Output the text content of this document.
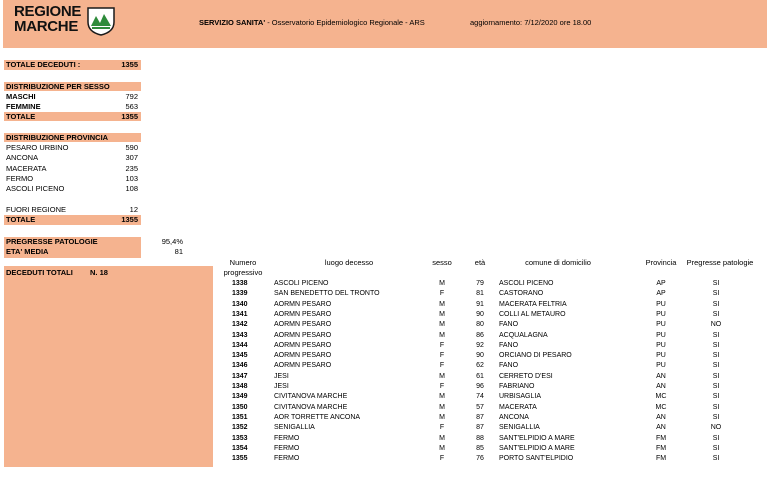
REGIONE
MARCHE	SERVIZIO SANITA' - Osservatorio Epidemiologico Regionale - ARS	aggiornamento: 7/12/2020 ore 18.00
TOTALE DECEDUTI :	1355
DISTRIBUZIONE PER SESSO
MASCHI	792
FEMMINE	563
TOTALE	1355
DISTRIBUZIONE PROVINCIA
PESARO URBINO	590
ANCONA	307
MACERATA	235
FERMO	103
ASCOLI PICENO	108
FUORI REGIONE	12
TOTALE	1355
PREGRESSE PATOLOGIE	95,4%
ETA' MEDIA	81
DECEDUTI TOTALI N. 18
Numero
progressivo
luogo decesso	sesso	età	comune di domicilio	Provincia	Pregresse patologie
1338	ASCOLI PICENO	M	79	ASCOLI PICENO	AP	SI
1339	SAN BENEDETTO DEL TRONTO	F	81	CASTORANO	AP	SI
1340	AORMN PESARO	M	91	MACERATA FELTRIA	PU	SI
1341	AORMN PESARO	M	90	COLLI AL METAURO	PU	SI
1342	AORMN PESARO	M	80	FANO	PU	NO
1343	AORMN PESARO	M	86	ACQUALAGNA	PU	SI
1344	AORMN PESARO	F	92	FANO	PU	SI
1345	AORMN PESARO	F	90	ORCIANO DI PESARO	PU	SI
1346	AORMN PESARO	F	62	FANO	PU	SI
1347	JESI	M	61	CERRETO D'ESI	AN	SI
1348	JESI	F	96	FABRIANO	AN	SI
1349	CIVITANOVA MARCHE	M	74	URBISAGLIA	MC	SI
1350	CIVITANOVA MARCHE	M	57	MACERATA	MC	SI
1351	AOR TORRETTE ANCONA	M	87	ANCONA	AN	SI
1352	SENIGALLIA	F	87	SENIGALLIA	AN	NO
1353	FERMO	M	88	SANT'ELPIDIO A MARE	FM	SI
1354	FERMO	M	85	SANT'ELPIDIO A MARE	FM	SI
1355	FERMO	F	76	PORTO SANT'ELPIDIO	FM	SI
